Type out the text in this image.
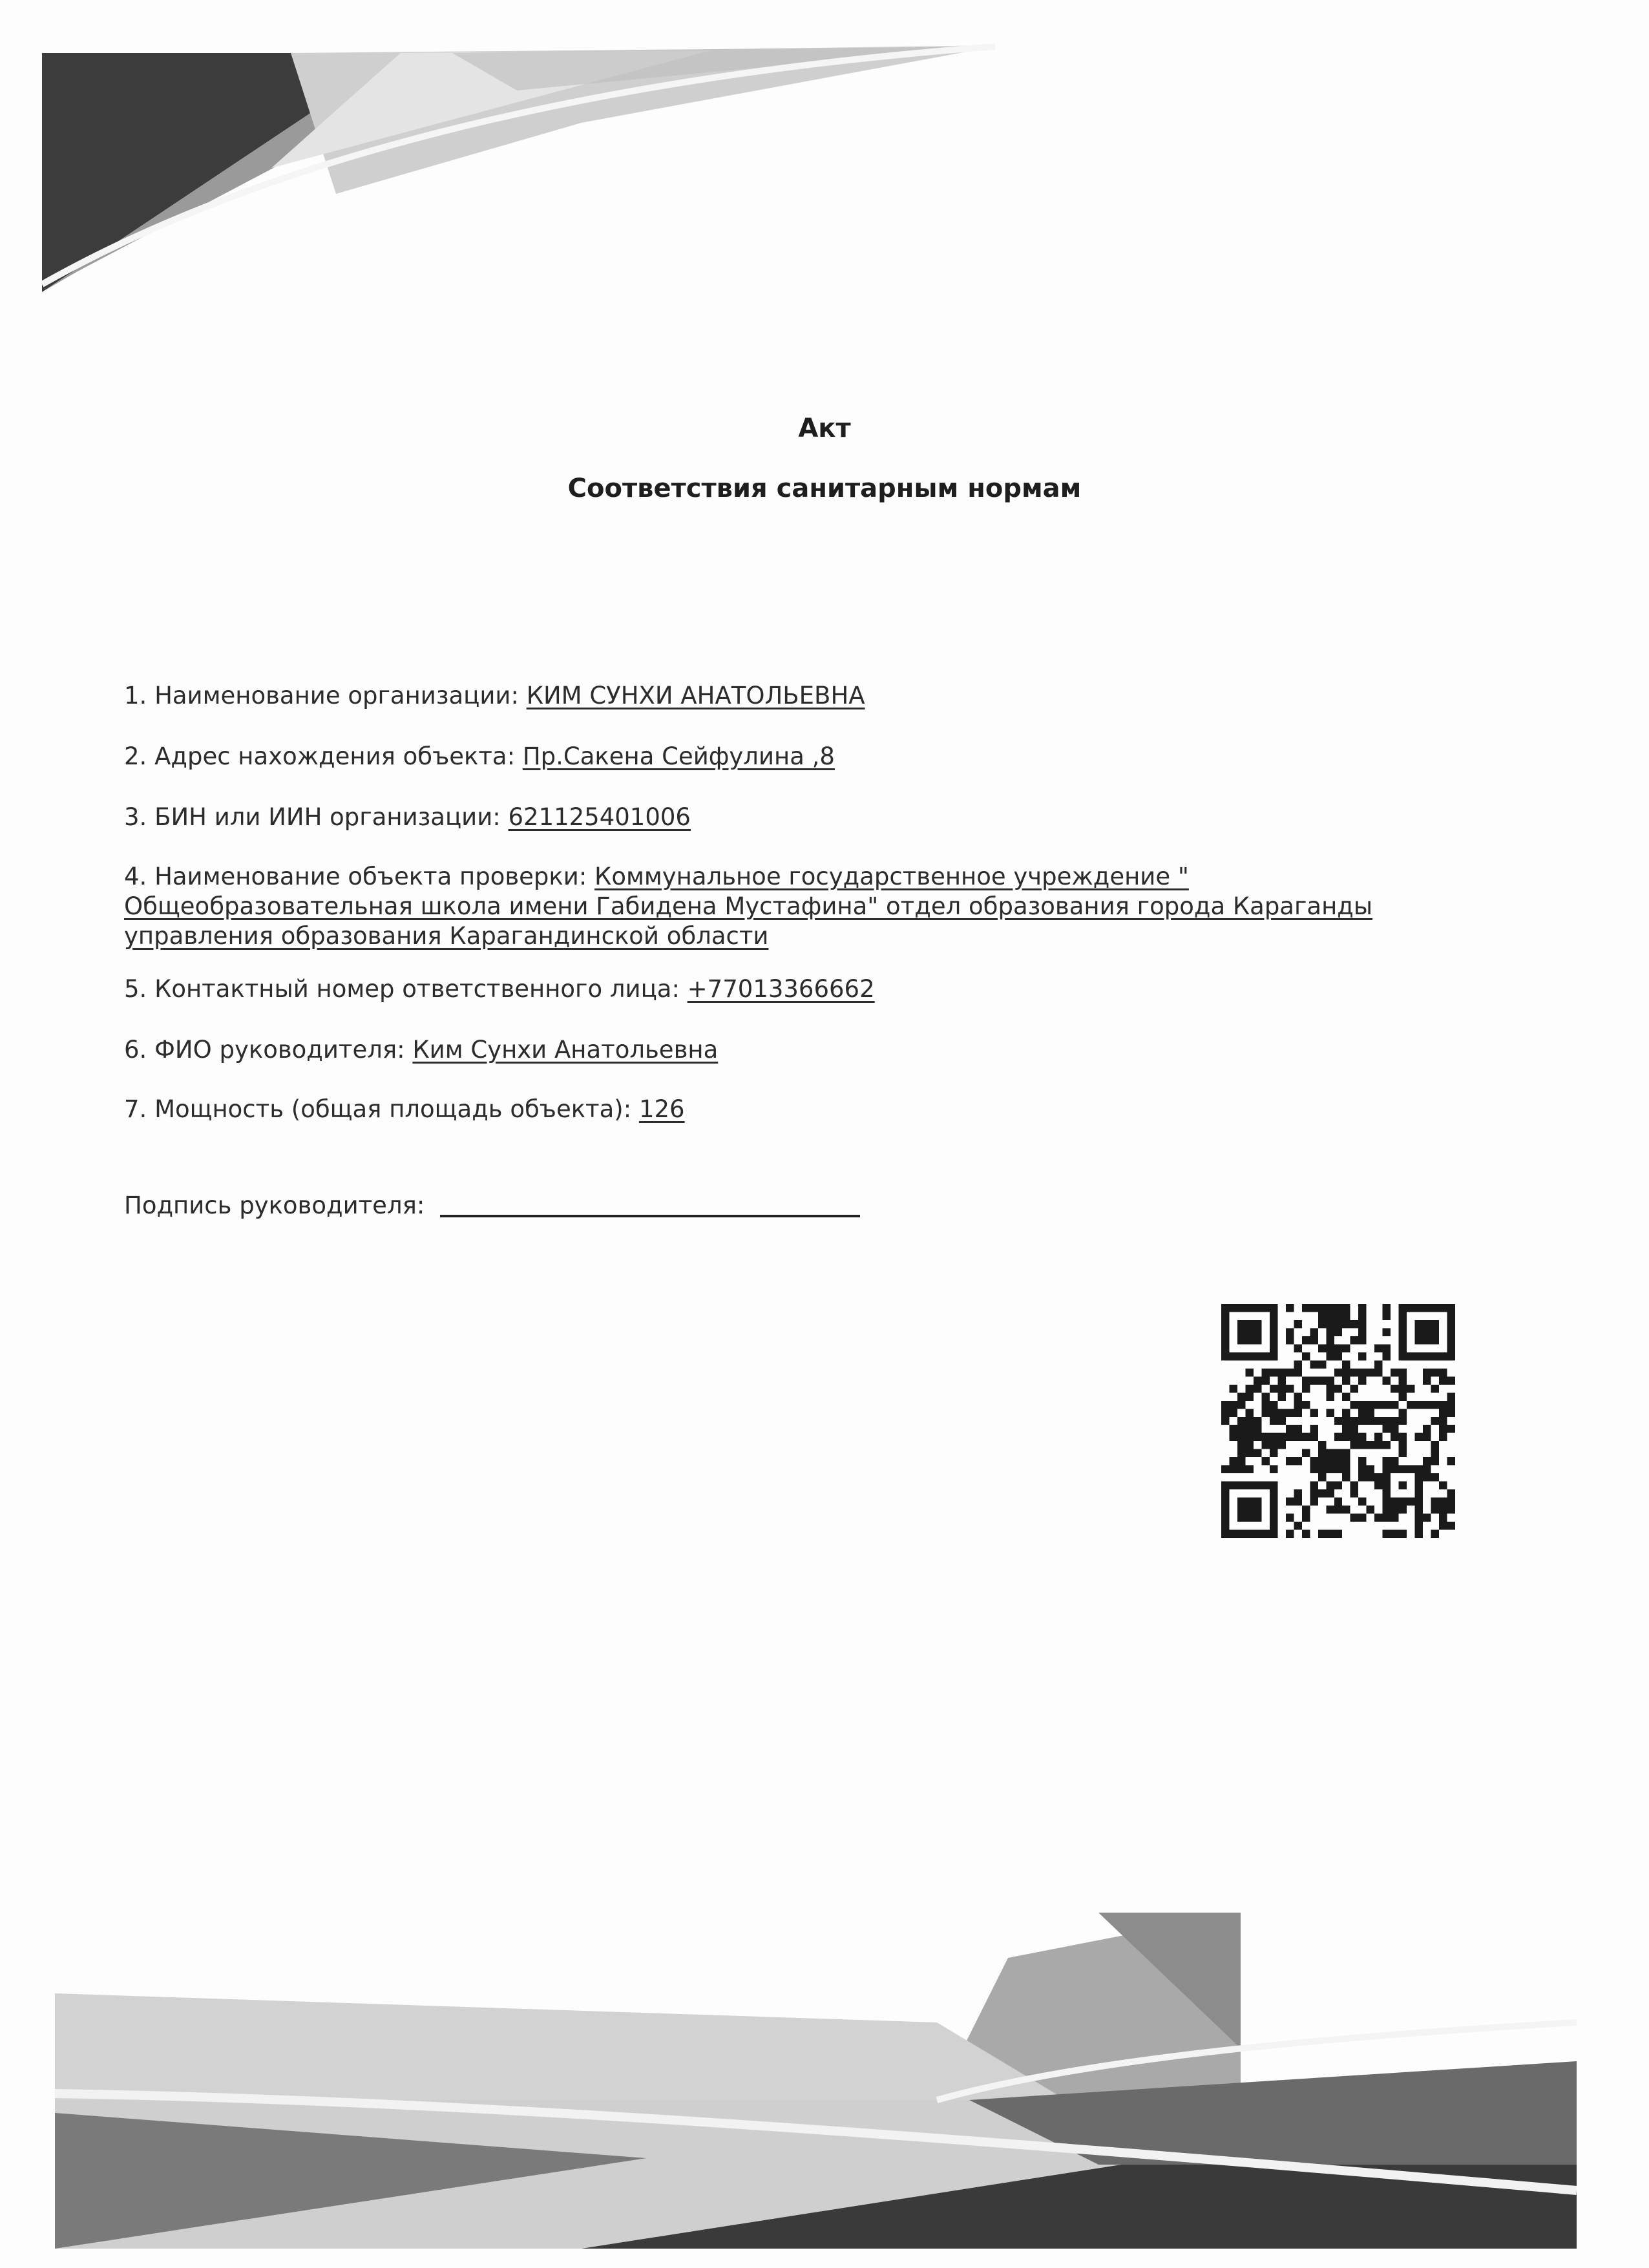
Акт
Соответствия санитарным нормам
1. Наименование организации: КИМ СУНХИ АНАТОЛЬЕВНА
2. Адрес нахождения объекта: Пр.Сакена Сейфулина ,8
3. БИН или ИИН организации: 621125401006
4. Наименование объекта проверки: Коммунальное государственное учреждение "
Общеобразовательная школа имени Габидена Мустафина" отдел образования города Караганды
управления образования Карагандинской области
5. Контактный номер ответственного лица: +77013366662
6. ФИО руководителя: Ким Сунхи Анатольевна
7. Мощность (общая площадь объекта): 126
Подпись руководителя:
